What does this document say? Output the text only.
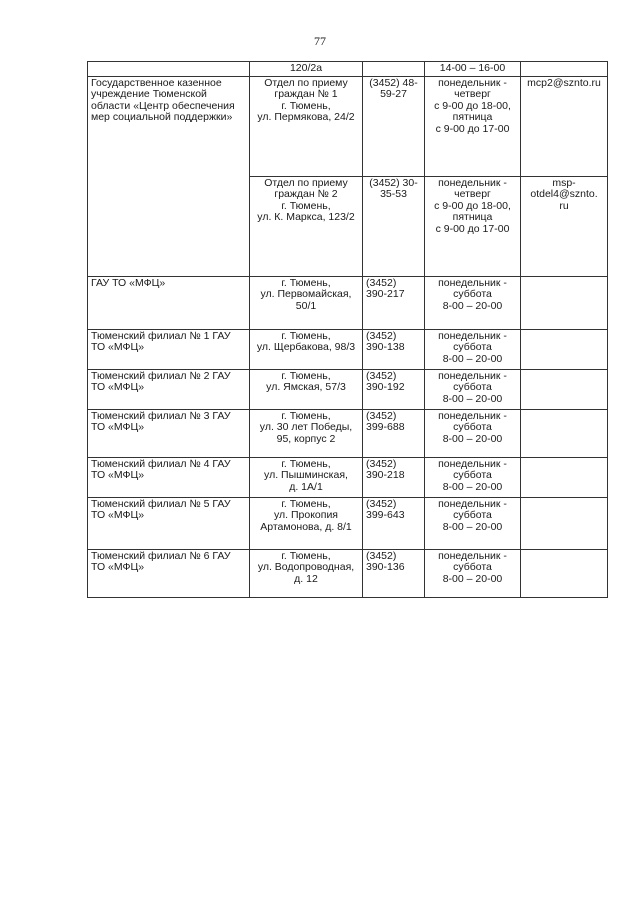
77
	120/2а		14-00 – 16-00	

Государственное казенное
учреждение Тюменской
области «Центр обеспечения
мер социальной поддержки»	Отдел по приему
граждан № 1
г. Тюмень,
ул. Пермякова, 24/2	(3452) 48-
59-27	понедельник -
четверг
с 9-00 до 18-00,
пятница
с 9-00 до 17-00	mcp2@sznto.ru

	Отдел по приему
граждан № 2
г. Тюмень,
ул. К. Маркса, 123/2	(3452) 30-
35-53	понедельник -
четверг
с 9-00 до 18-00,
пятница
с 9-00 до 17-00	msp-
otdel4@sznto.
ru

ГАУ ТО «МФЦ»	г. Тюмень,
ул. Первомайская,
50/1	(3452)
390-217	понедельник -
суббота
8-00 – 20-00	

Тюменский филиал № 1 ГАУ
ТО «МФЦ»	г. Тюмень,
ул. Щербакова, 98/3	(3452)
390-138	понедельник -
суббота
8-00 – 20-00	

Тюменский филиал № 2 ГАУ
ТО «МФЦ»	г. Тюмень,
ул. Ямская, 57/3	(3452)
390-192	понедельник -
суббота
8-00 – 20-00	

Тюменский филиал № 3 ГАУ
ТО «МФЦ»	г. Тюмень,
ул. 30 лет Победы,
95, корпус 2	(3452)
399-688	понедельник -
суббота
8-00 – 20-00	

Тюменский филиал № 4 ГАУ
ТО «МФЦ»	г. Тюмень,
ул. Пышминская,
д. 1А/1	(3452)
390-218	понедельник -
суббота
8-00 – 20-00	

Тюменский филиал № 5 ГАУ
ТО «МФЦ»	г. Тюмень,
ул. Прокопия
Артамонова, д. 8/1	(3452)
399-643	понедельник -
суббота
8-00 – 20-00	

Тюменский филиал № 6 ГАУ
ТО «МФЦ»	г. Тюмень,
ул. Водопроводная,
д. 12	(3452)
390-136	понедельник -
суббота
8-00 – 20-00	
